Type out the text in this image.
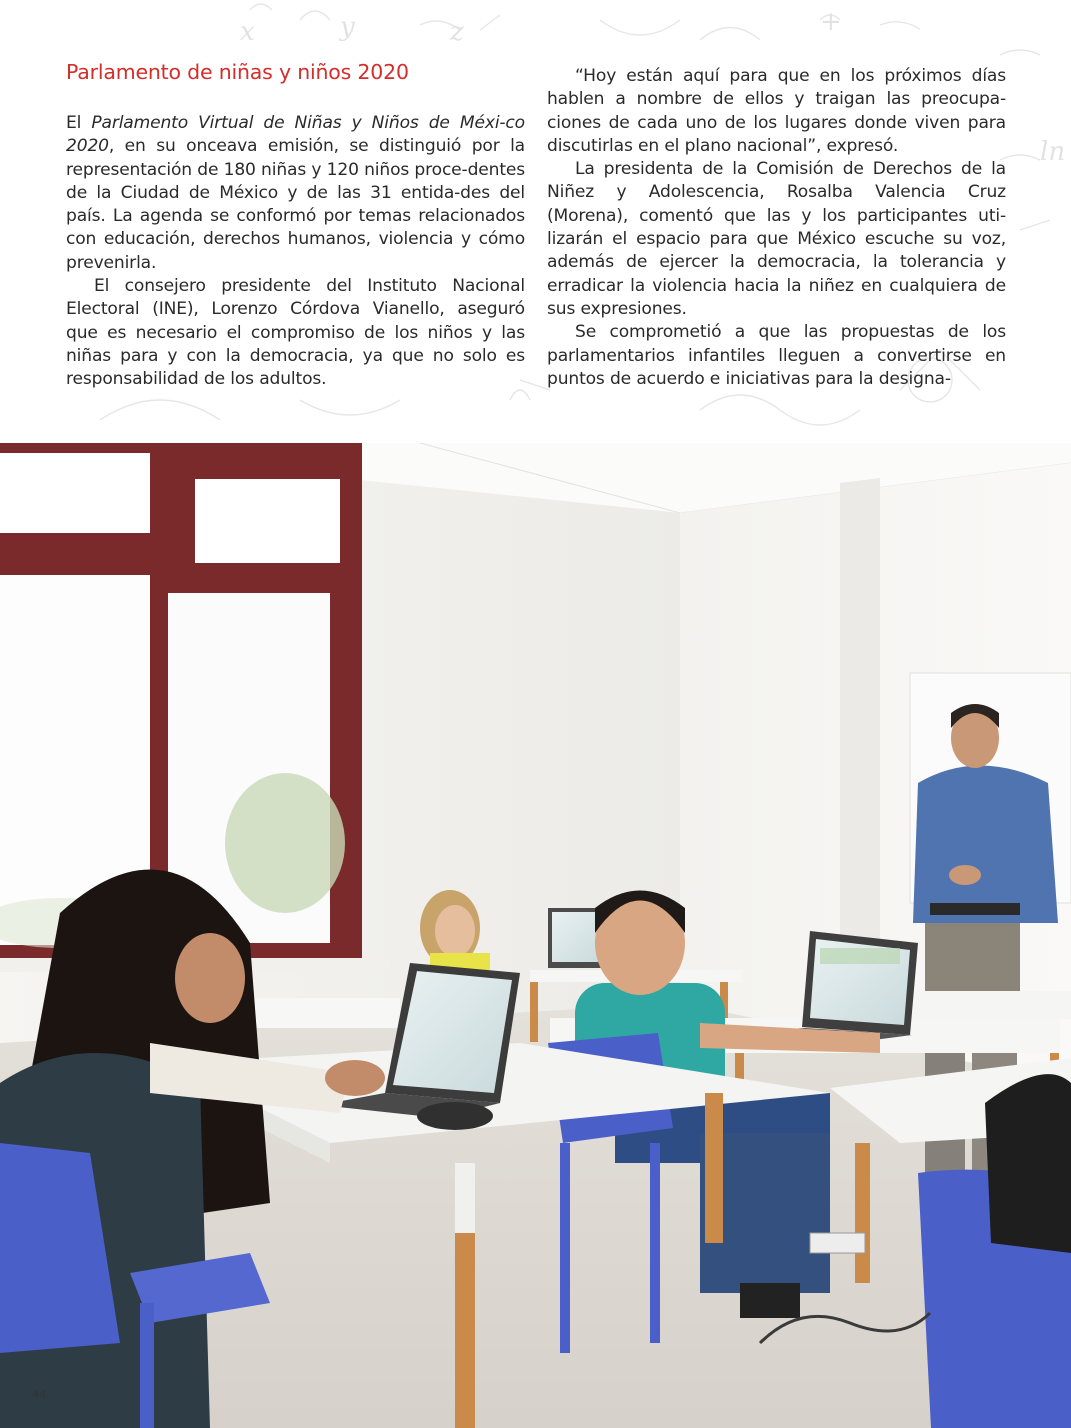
x	y	z	+
ln
Parlamento de niñas y niños 2020

El Parlamento Virtual de Niñas y Niños de Méxi-co 2020, en su onceava emisión, se distinguió por la representación de 180 niñas y 120 niños proce-dentes de la Ciudad de México y de las 31 entida-des del país. La agenda se conformó por temas relacionados con educación, derechos humanos, violencia y cómo prevenirla.

El consejero presidente del Instituto Nacional Electoral (INE), Lorenzo Córdova Vianello, aseguró que es necesario el compromiso de los niños y las niñas para y con la democracia, ya que no solo es responsabilidad de los adultos.

“Hoy están aquí para que en los próximos días hablen a nombre de ellos y traigan las preocupa-ciones de cada uno de los lugares donde viven para discutirlas en el plano nacional”, expresó.

La presidenta de la Comisión de Derechos de la Niñez y Adolescencia, Rosalba Valencia Cruz (Morena), comentó que las y los participantes uti-lizarán el espacio para que México escuche su voz, además de ejercer la democracia, la tolerancia y erradicar la violencia hacia la niñez en cualquiera de sus expresiones.

Se comprometió a que las propuestas de los parlamentarios infantiles lleguen a convertirse en puntos de acuerdo e iniciativas para la designa-

44
